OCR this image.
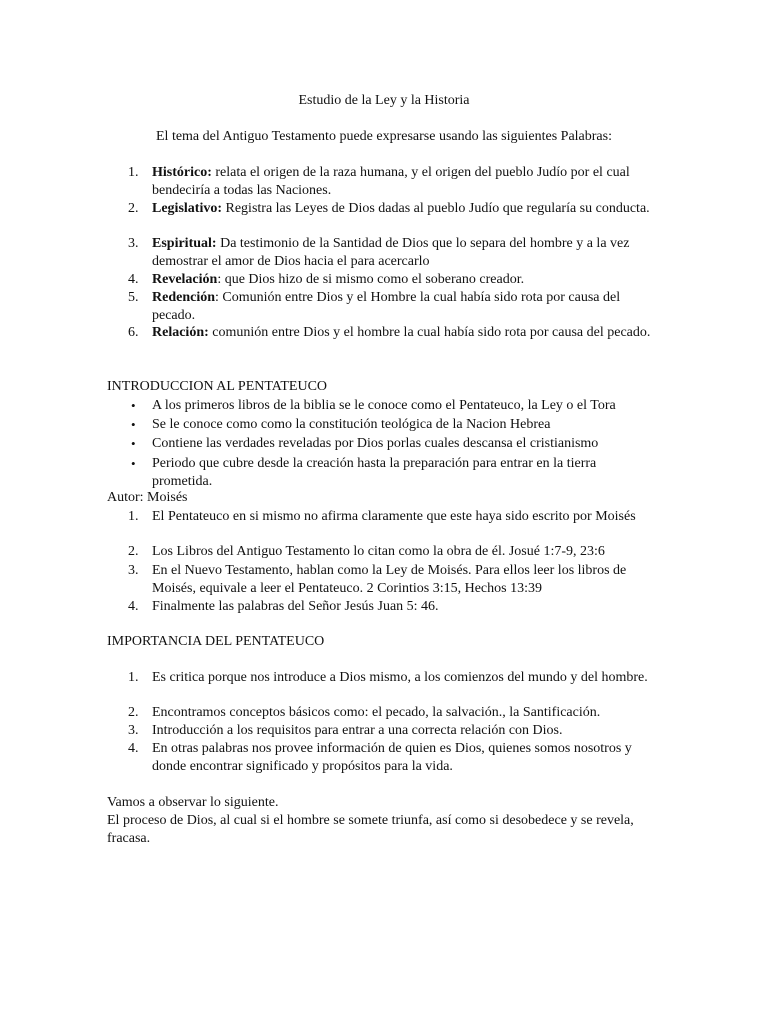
Estudio de la Ley y la Historia
El tema del Antiguo Testamento puede expresarse usando las siguientes Palabras:
1. Histórico: relata el origen de la raza humana, y el origen del pueblo Judío por el cual bendeciría a todas las Naciones.
2. Legislativo: Registra las Leyes de Dios dadas al pueblo Judío que regularía su conducta.
3. Espiritual: Da testimonio de la Santidad de Dios que lo separa del hombre y a la vez demostrar el amor de Dios hacia el para acercarlo
4. Revelación: que Dios hizo de si mismo como el soberano creador.
5. Redención: Comunión entre Dios y el Hombre la cual había sido rota por causa del pecado.
6. Relación: comunión entre Dios y el hombre la cual había sido rota por causa del pecado.
INTRODUCCION AL PENTATEUCO
• A los primeros libros de la biblia se le conoce como el Pentateuco, la Ley o el Tora
• Se le conoce como como la constitución teológica de la Nacion Hebrea
• Contiene las verdades reveladas por Dios porlas cuales descansa el cristianismo
• Periodo que cubre desde la creación hasta la preparación para entrar en la tierra prometida.
Autor: Moisés
1. El Pentateuco en si mismo no afirma claramente que este haya sido escrito por Moisés
2. Los Libros del Antiguo Testamento lo citan como la obra de él. Josué 1:7-9, 23:6
3. En el Nuevo Testamento, hablan como la Ley de Moisés. Para ellos leer los libros de Moisés, equivale a leer el Pentateuco. 2 Corintios 3:15, Hechos 13:39
4. Finalmente las palabras del Señor Jesús Juan 5: 46.
IMPORTANCIA DEL PENTATEUCO
1. Es critica porque nos introduce a Dios mismo, a los comienzos del mundo y del hombre.
2. Encontramos conceptos básicos como: el pecado, la salvación., la Santificación.
3. Introducción a los requisitos para entrar a una correcta relación con Dios.
4. En otras palabras nos provee información de quien es Dios, quienes somos nosotros y donde encontrar significado y propósitos para la vida.
Vamos a observar lo siguiente.
El proceso de Dios, al cual si el hombre se somete triunfa, así como si desobedece y se revela, fracasa.
